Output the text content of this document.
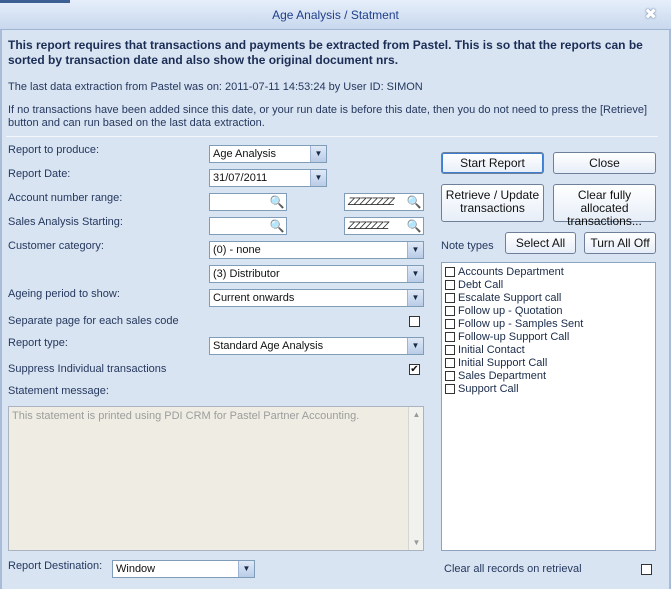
Age Analysis / Statment	✖
This report requires that transactions and payments be extracted from Pastel. This is so that the reports can be sorted by transaction date and also show the original document nrs.
The last data extraction from Pastel was on: 2011-07-11 14:53:24 by User ID: SIMON
If no transactions have been added since this date, or your run date is before this date, then you do not need to press the [Retrieve] button and can run based on the last data extraction.
Report to produce:	Age Analysis	▼
Report Date:	31/07/2011	▼
Account number range:	🔍	ZZZZZZZZ 🔍
Sales Analysis Starting:	🔍	ZZZZZZZ 🔍
Customer category:	(0) - none	▼
(3) Distributor	▼
Ageing period to show:	Current onwards	▼
Separate page for each sales code
Report type:	Standard Age Analysis	▼
Suppress Individual transactions	✔
Statement message:
This statement is printed using PDI CRM for Pastel Partner Accounting.	▲
▼
Report Destination:	Window	▼
Start Report	Close
Retrieve / Update
transactions
Clear fully allocated
transactions...
Note types	Select All	Turn All Off
Accounts Department
Debt Call
Escalate Support call
Follow up - Quotation
Follow up - Samples Sent
Follow-up Support Call
Initial Contact
Initial Support Call
Sales Department
Support Call
Clear all records on retrieval
